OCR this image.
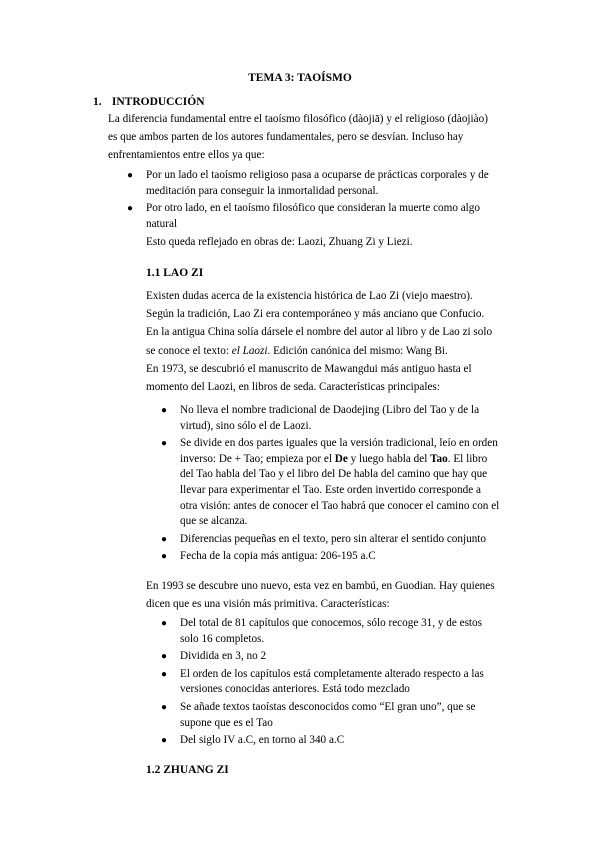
TEMA 3: TAOÍSMO
1. INTRODUCCIÓN
La diferencia fundamental entre el taoísmo filosófico (dàojiā) y el religioso (dàojiào)
es que ambos parten de los autores fundamentales, pero se desvían. Incluso hay
enfrentamientos entre ellos ya que:
● Por un lado el taoísmo religioso pasa a ocuparse de prácticas corporales y de
meditación para conseguir la inmortalidad personal.
● Por otro lado, en el taoísmo filosófico que consideran la muerte como algo
natural
Esto queda reflejado en obras de: Laozi, Zhuang Zi y Liezi.
1.1 LAO ZI
Existen dudas acerca de la existencia histórica de Lao Zi (viejo maestro).
Según la tradición, Lao Zi era contemporáneo y más anciano que Confucio.
En la antigua China solía dársele el nombre del autor al libro y de Lao zi solo
se conoce el texto: el Laozi. Edición canónica del mismo: Wang Bi.
En 1973, se descubrió el manuscrito de Mawangdui más antiguo hasta el
momento del Laozi, en libros de seda. Características principales:
● No lleva el nombre tradicional de Daodejing (Libro del Tao y de la
virtud), sino sólo el de Laozi.
● Se divide en dos partes iguales que la versión tradicional, leío en orden
inverso: De + Tao; empieza por el De y luego habla del Tao. El libro
del Tao habla del Tao y el libro del De habla del camino que hay que
llevar para experimentar el Tao. Este orden invertido corresponde a
otra visión: antes de conocer el Tao habrá que conocer el camino con el
que se alcanza.
● Diferencias pequeñas en el texto, pero sin alterar el sentido conjunto
● Fecha de la copia más antigua: 206-195 a.C
En 1993 se descubre uno nuevo, esta vez en bambú, en Guodian. Hay quienes
dicen que es una visión más primitiva. Características:
● Del total de 81 capítulos que conocemos, sólo recoge 31, y de estos
solo 16 completos.
● Dividida en 3, no 2
● El orden de los capítulos está completamente alterado respecto a las
versiones conocidas anteriores. Está todo mezclado
● Se añade textos taoístas desconocidos como “El gran uno”, que se
supone que es el Tao
● Del siglo IV a.C, en torno al 340 a.C
1.2 ZHUANG ZI
